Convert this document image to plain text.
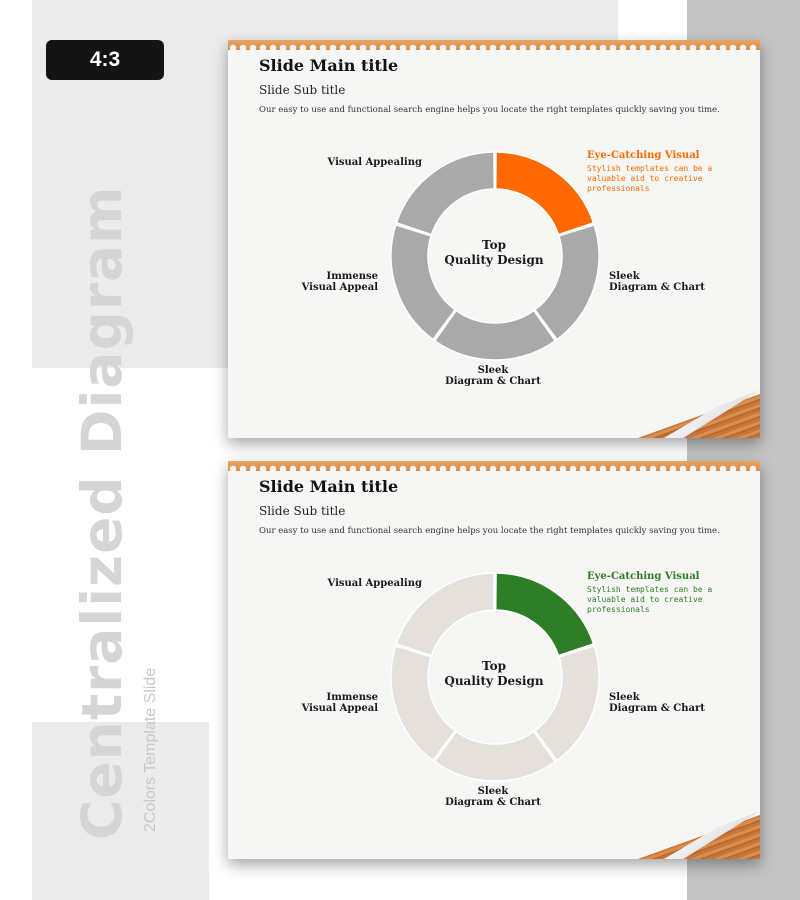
4:3
Centralized Diagram 2Colors Template Slide
Slide Main title
Slide Sub title
Our easy to use and functional search engine helps you locate the right templates quickly saving you time.
Top
Quality Design
Visual Appealing
Immense
Visual Appeal
Sleek
Diagram & Chart
Sleek
Diagram & Chart
Eye-Catching Visual
Stylish templates can be a valuable aid to creative professionals
Slide Main title
Slide Sub title
Our easy to use and functional search engine helps you locate the right templates quickly saving you time.
Top
Quality Design
Visual Appealing
Immense
Visual Appeal
Sleek
Diagram & Chart
Sleek
Diagram & Chart
Eye-Catching Visual
Stylish templates can be a valuable aid to creative professionals
